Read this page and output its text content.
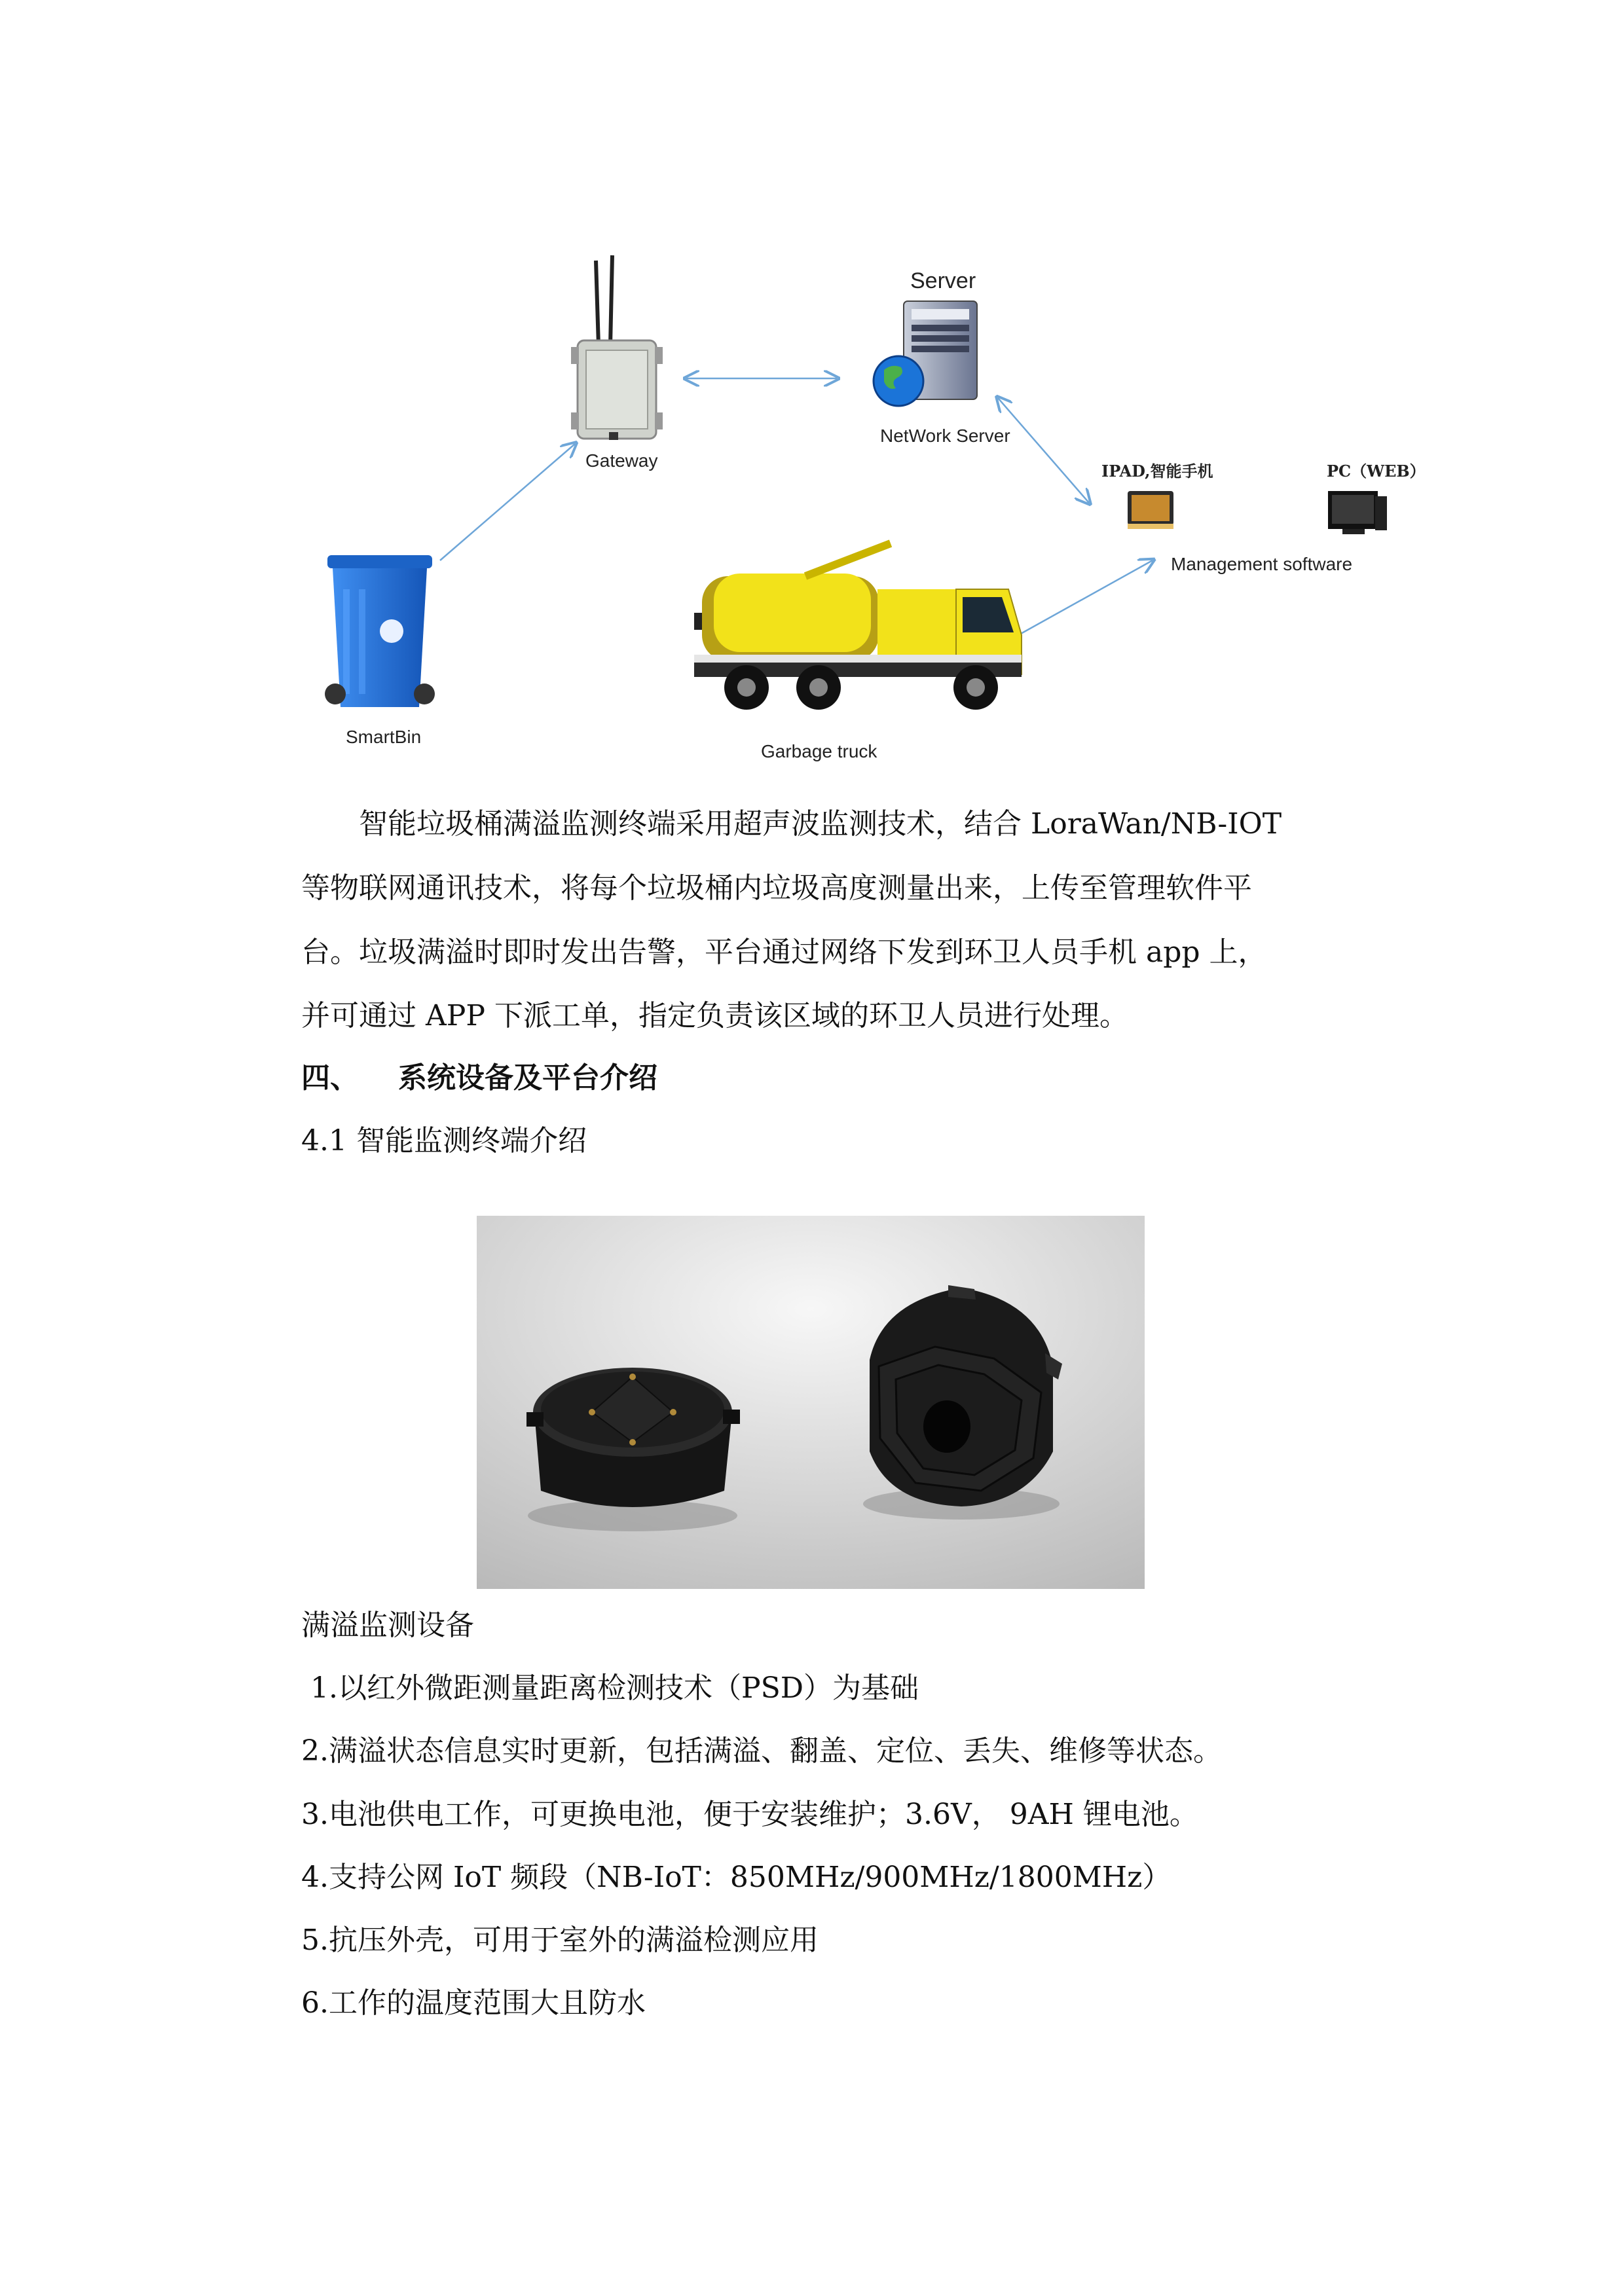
Server
NetWork Server
Gateway
IPAD,智能手机	PC（WEB）
Management software
SmartBin
Garbage truck
智能垃圾桶满溢监测终端采用超声波监测技术，结合 LoraWan/NB-IOT
等物联网通讯技术，将每个垃圾桶内垃圾高度测量出来，上传至管理软件平
台。垃圾满溢时即时发出告警，平台通过网络下发到环卫人员手机 app 上，
并可通过 APP 下派工单，指定负责该区域的环卫人员进行处理。
四、 系统设备及平台介绍
4.1 智能监测终端介绍
满溢监测设备
1.以红外微距测量距离检测技术（PSD）为基础
2.满溢状态信息实时更新，包括满溢、翻盖、定位、丢失、维修等状态。
3.电池供电工作，可更换电池，便于安装维护；3.6V， 9AH 锂电池。
4.支持公网 IoT 频段（NB-IoT：850MHz/900MHz/1800MHz）
5.抗压外壳，可用于室外的满溢检测应用
6.工作的温度范围大且防水
